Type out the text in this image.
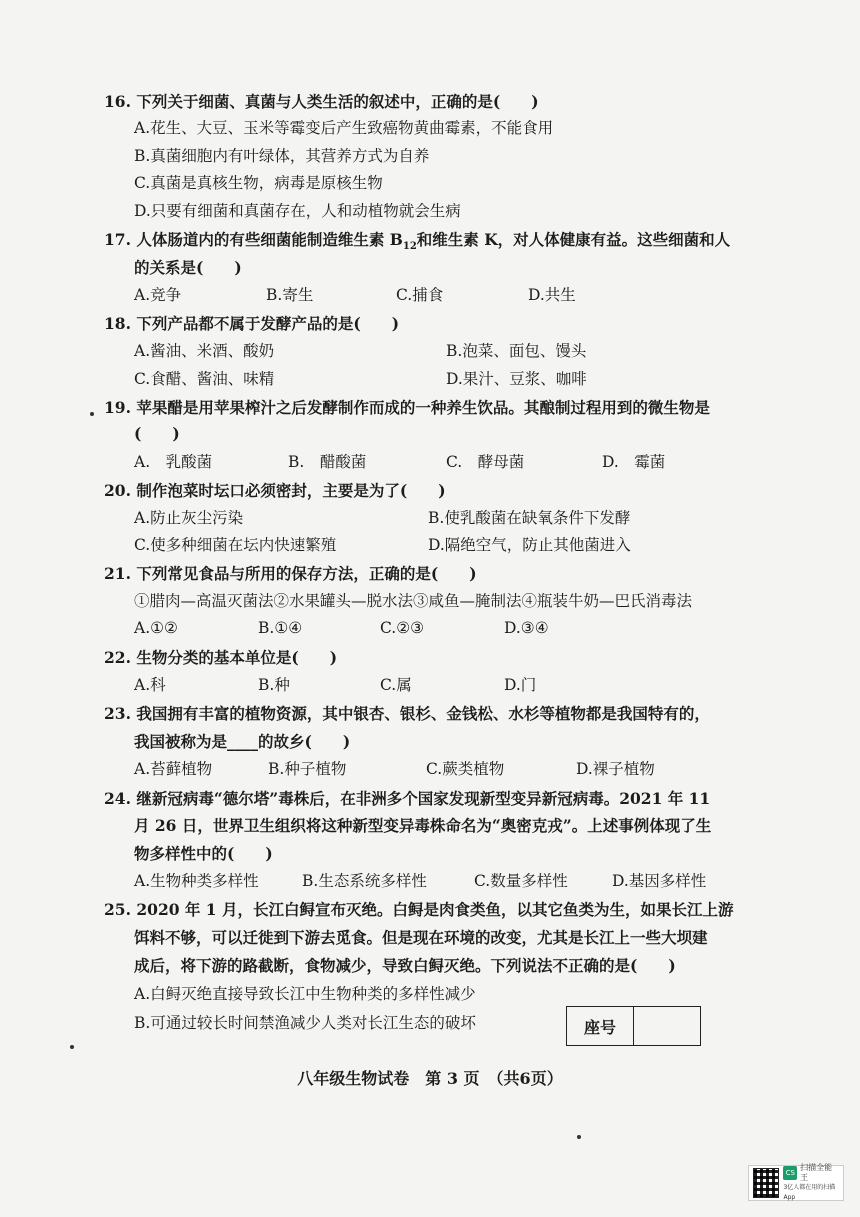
16. 下列关于细菌、真菌与人类生活的叙述中，正确的是(　　)
A.花生、大豆、玉米等霉变后产生致癌物黄曲霉素，不能食用
B.真菌细胞内有叶绿体，其营养方式为自养
C.真菌是真核生物，病毒是原核生物
D.只要有细菌和真菌存在，人和动植物就会生病
17. 人体肠道内的有些细菌能制造维生素 $B_{12}$和维生素 K，对人体健康有益。这些细菌和人
的关系是(　　)
A.竞争	B.寄生	C.捕食	D.共生
18. 下列产品都不属于发酵产品的是(　　)
A.酱油、米酒、酸奶	B.泡菜、面包、馒头
C.食醋、酱油、味精	D.果汁、豆浆、咖啡
19. 苹果醋是用苹果榨汁之后发酵制作而成的一种养生饮品。其酿制过程用到的微生物是
(　　)
A.　乳酸菌	B.　醋酸菌	C.　酵母菌	D.　霉菌
20. 制作泡菜时坛口必须密封，主要是为了(　　)
A.防止灰尘污染	B.使乳酸菌在缺氧条件下发酵
C.使多种细菌在坛内快速繁殖	D.隔绝空气，防止其他菌进入
21. 下列常见食品与所用的保存方法，正确的是(　　)
①腊肉—高温灭菌法②水果罐头—脱水法③咸鱼—腌制法④瓶装牛奶—巴氏消毒法
A.①②	B.①④	C.②③	D.③④
22. 生物分类的基本单位是(　　)
A.科	B.种	C.属	D.门
23. 我国拥有丰富的植物资源，其中银杏、银杉、金钱松、水杉等植物都是我国特有的，
我国被称为是____的故乡(　　)
A.苔藓植物	B.种子植物	C.蕨类植物	D.裸子植物
24. 继新冠病毒“德尔塔”毒株后，在非洲多个国家发现新型变异新冠病毒。2021 年 11
月 26 日，世界卫生组织将这种新型变异毒株命名为“奥密克戎”。上述事例体现了生
物多样性中的(　　)
A.生物种类多样性	B.生态系统多样性	C.数量多样性	D.基因多样性
25. 2020 年 1 月，长江白鲟宣布灭绝。白鲟是肉食类鱼，以其它鱼类为生，如果长江上游
饵料不够，可以迁徙到下游去觅食。但是现在环境的改变，尤其是长江上一些大坝建
成后，将下游的路截断，食物减少，导致白鲟灭绝。下列说法不正确的是(　　)
A.白鲟灭绝直接导致长江中生物种类的多样性减少
B.可通过较长时间禁渔减少人类对长江生态的破坏	座号
八年级生物试卷　第 3 页　（共6页）
CS
扫描全能王
3亿人都在用的扫描App
